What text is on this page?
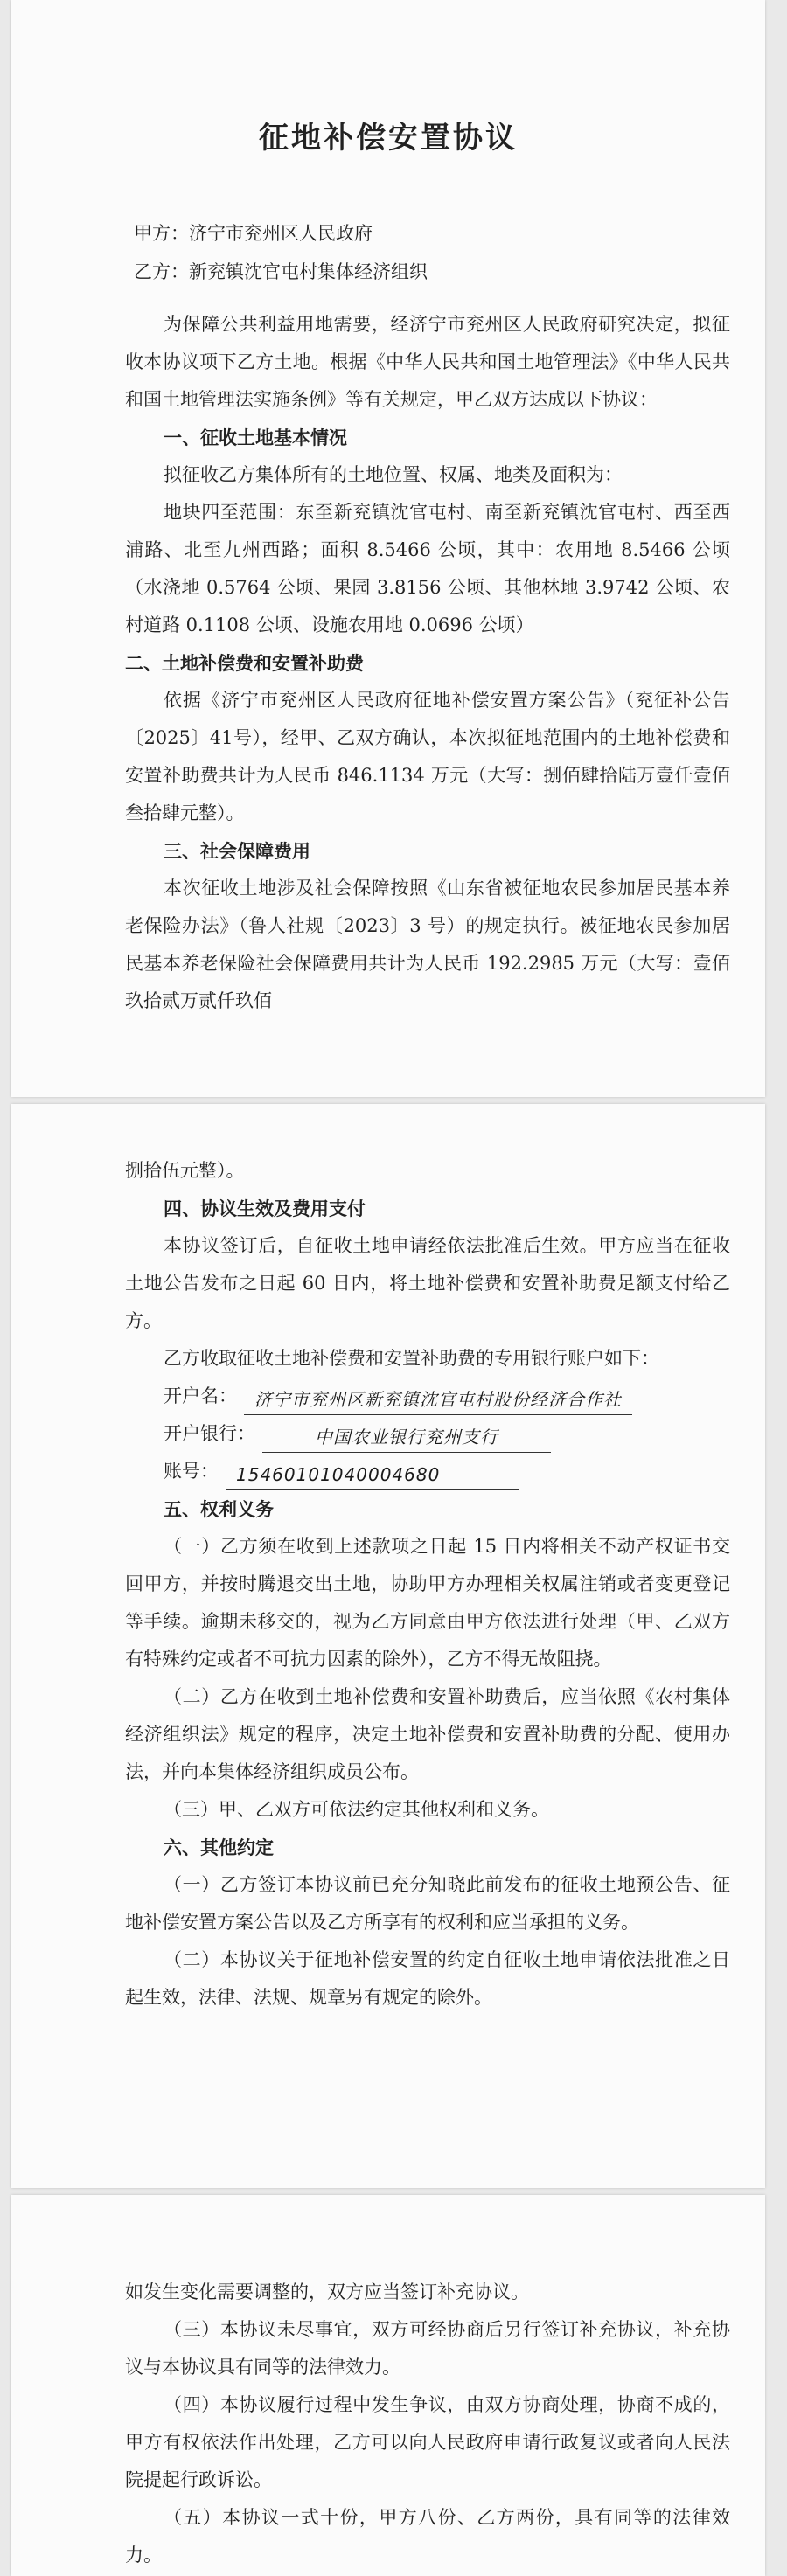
征地补偿安置协议

甲方：济宁市兖州区人民政府

乙方：新兖镇沈官屯村集体经济组织

为保障公共利益用地需要，经济宁市兖州区人民政府研究决定，拟征收本协议项下乙方土地。根据《中华人民共和国土地管理法》《中华人民共和国土地管理法实施条例》等有关规定，甲乙双方达成以下协议：

一、征收土地基本情况

拟征收乙方集体所有的土地位置、权属、地类及面积为：

地块四至范围：东至新兖镇沈官屯村、南至新兖镇沈官屯村、西至西浦路、北至九州西路；面积 8.5466 公顷，其中：农用地 8.5466 公顷（水浇地 0.5764 公顷、果园 3.8156 公顷、其他林地 3.9742 公顷、农村道路 0.1108 公顷、设施农用地 0.0696 公顷）

二、土地补偿费和安置补助费

依据《济宁市兖州区人民政府征地补偿安置方案公告》（兖征补公告〔2025〕41号），经甲、乙双方确认，本次拟征地范围内的土地补偿费和安置补助费共计为人民币 846.1134 万元（大写：捌佰肆拾陆万壹仟壹佰叁拾肆元整）。

三、社会保障费用

本次征收土地涉及社会保障按照《山东省被征地农民参加居民基本养老保险办法》（鲁人社规〔2023〕3 号）的规定执行。被征地农民参加居民基本养老保险社会保障费用共计为人民币 192.2985 万元（大写：壹佰玖拾贰万贰仟玖佰

捌拾伍元整）。

四、协议生效及费用支付

本协议签订后，自征收土地申请经依法批准后生效。甲方应当在征收土地公告发布之日起 60 日内，将土地补偿费和安置补助费足额支付给乙方。

乙方收取征收土地补偿费和安置补助费的专用银行账户如下：

开户名：	济宁市兖州区新兖镇沈官屯村股份经济合作社
开户银行：	中国农业银行兖州支行
账号：	15460101040004680

五、权利义务

（一）乙方须在收到上述款项之日起 15 日内将相关不动产权证书交回甲方，并按时腾退交出土地，协助甲方办理相关权属注销或者变更登记等手续。逾期未移交的，视为乙方同意由甲方依法进行处理（甲、乙双方有特殊约定或者不可抗力因素的除外），乙方不得无故阻挠。

（二）乙方在收到土地补偿费和安置补助费后，应当依照《农村集体经济组织法》规定的程序，决定土地补偿费和安置补助费的分配、使用办法，并向本集体经济组织成员公布。

（三）甲、乙双方可依法约定其他权利和义务。

六、其他约定

（一）乙方签订本协议前已充分知晓此前发布的征收土地预公告、征地补偿安置方案公告以及乙方所享有的权利和应当承担的义务。

（二）本协议关于征地补偿安置的约定自征收土地申请依法批准之日起生效，法律、法规、规章另有规定的除外。

如发生变化需要调整的，双方应当签订补充协议。

（三）本协议未尽事宜，双方可经协商后另行签订补充协议，补充协议与本协议具有同等的法律效力。

（四）本协议履行过程中发生争议，由双方协商处理，协商不成的，甲方有权依法作出处理，乙方可以向人民政府申请行政复议或者向人民法院提起行政诉讼。

（五）本协议一式十份，甲方八份、乙方两份，具有同等的法律效力。
